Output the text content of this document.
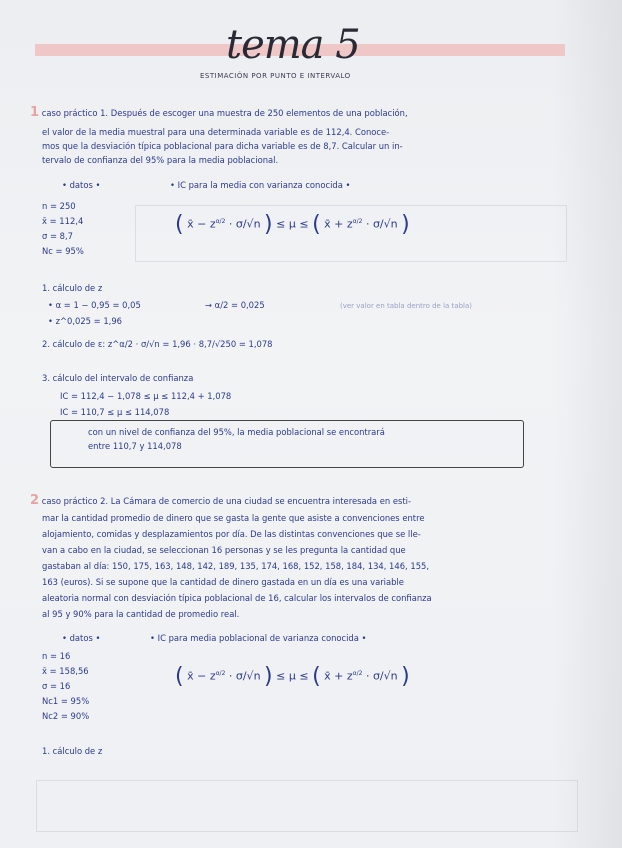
tema 5
ESTIMACIÓN POR PUNTO E INTERVALO
1 caso práctico 1. Después de escoger una muestra de 250 elementos de una población,
el valor de la media muestral para una determinada variable es de 112,4. Conoce-
mos que la desviación típica poblacional para dicha variable es de 8,7. Calcular un in-
tervalo de confianza del 95% para la media poblacional.
• datos •	• IC para la media con varianza conocida •
n = 250
x̄ = 112,4
σ = 8,7
Nc = 95%
( x̄ − $z^{\alpha/2} \cdot \sigma/√n$ ) ≤ μ ≤ ( x̄ + $z^{\alpha/2} \cdot \sigma/√n$ )
1. cálculo de z
• α = 1 − 0,95 = 0,05	→ α/2 = 0,025	(ver valor en tabla dentro de la tabla)
• z^0,025 = 1,96
2. cálculo de ɛ: z^α/2 · σ/√n = 1,96 · 8,7/√250 = 1,078
3. cálculo del intervalo de confianza
IC = 112,4 − 1,078 ≤ μ ≤ 112,4 + 1,078
IC = 110,7 ≤ μ ≤ 114,078
con un nivel de confianza del 95%, la media poblacional se encontrará
entre 110,7 y 114,078
2 caso práctico 2. La Cámara de comercio de una ciudad se encuentra interesada en esti-
mar la cantidad promedio de dinero que se gasta la gente que asiste a convenciones entre
alojamiento, comidas y desplazamientos por día. De las distintas convenciones que se lle-
van a cabo en la ciudad, se seleccionan 16 personas y se les pregunta la cantidad que
gastaban al día: 150, 175, 163, 148, 142, 189, 135, 174, 168, 152, 158, 184, 134, 146, 155,
163 (euros). Si se supone que la cantidad de dinero gastada en un día es una variable
aleatoria normal con desviación típica poblacional de 16, calcular los intervalos de confianza
al 95 y 90% para la cantidad de promedio real.
• datos •	• IC para media poblacional de varianza conocida •
n = 16
x̄ = 158,56
σ = 16
Nc1 = 95%
Nc2 = 90%
( x̄ − $z^{\alpha/2} \cdot \sigma/√n$ ) ≤ μ ≤ ( x̄ + $z^{\alpha/2} \cdot \sigma/√n$ )
1. cálculo de z
